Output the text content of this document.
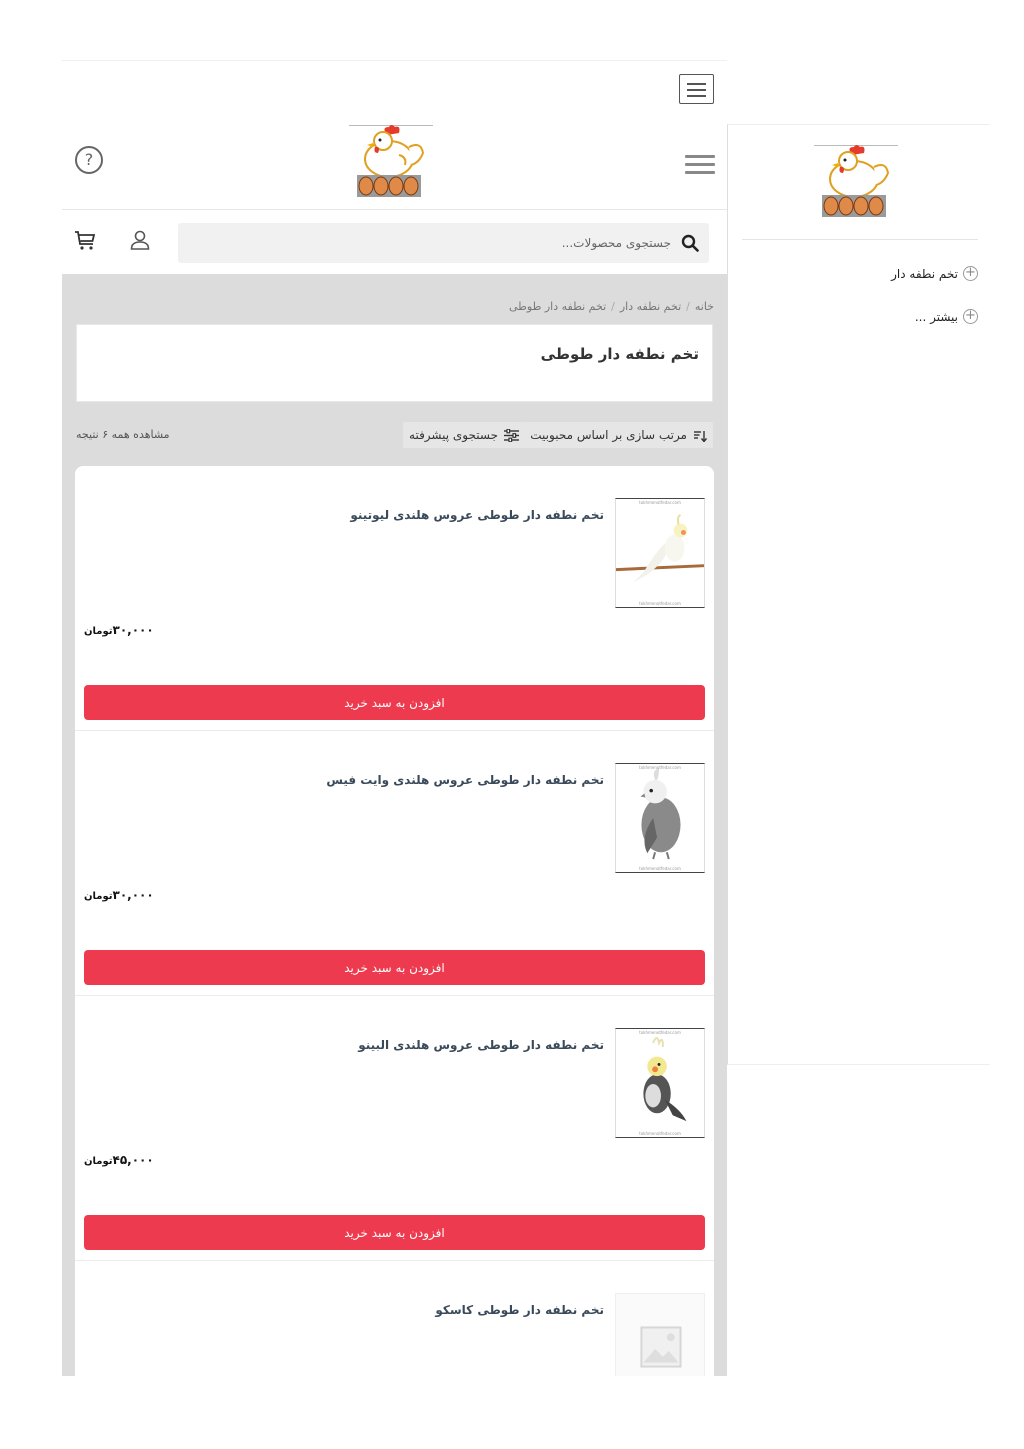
?
جستجوی محصولات...
خانه/تخم نطفه دار/تخم نطفه دار طوطی
تخم نطفه دار طوطی
مرتب سازی بر اساس محبوبیت
جستجوی پیشرفته
مشاهده همه ۶ نتیجه
tokhmenotfedar.com
tokhmenotfedar.com
تخم نطفه دار طوطی عروس هلندی لیوتینو
۳۰,۰۰۰تومان
افزودن به سبد خرید
tokhmenotfedar.com
tokhmenotfedar.com
تخم نطفه دار طوطی عروس هلندی وایت فیس
۳۰,۰۰۰تومان
افزودن به سبد خرید
tokhmenotfedar.com
tokhmenotfedar.com
تخم نطفه دار طوطی عروس هلندی البینو
۴۵,۰۰۰تومان
افزودن به سبد خرید
تخم نطفه دار طوطی کاسکو
+
تخم نطفه دار
+
بیشتر ...
